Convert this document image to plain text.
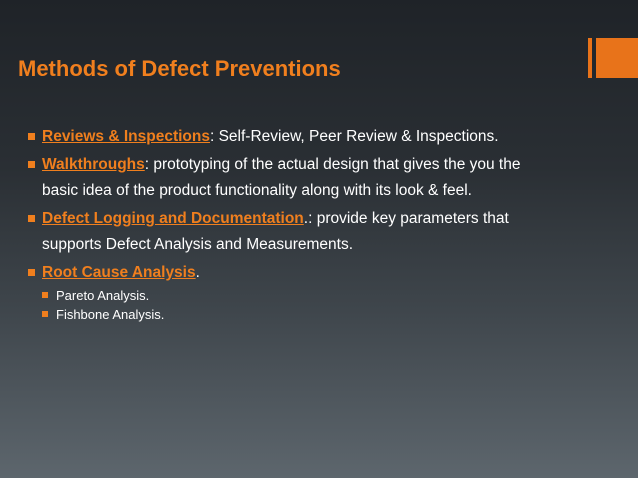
Methods of Defect Preventions
Reviews & Inspections: Self-Review, Peer Review & Inspections.
Walkthroughs: prototyping of the actual design that gives the you the basic idea of the product functionality along with its look & feel.
Defect Logging and Documentation.: provide key parameters that supports Defect Analysis and Measurements.
Root Cause Analysis.
Pareto Analysis.
Fishbone Analysis.
